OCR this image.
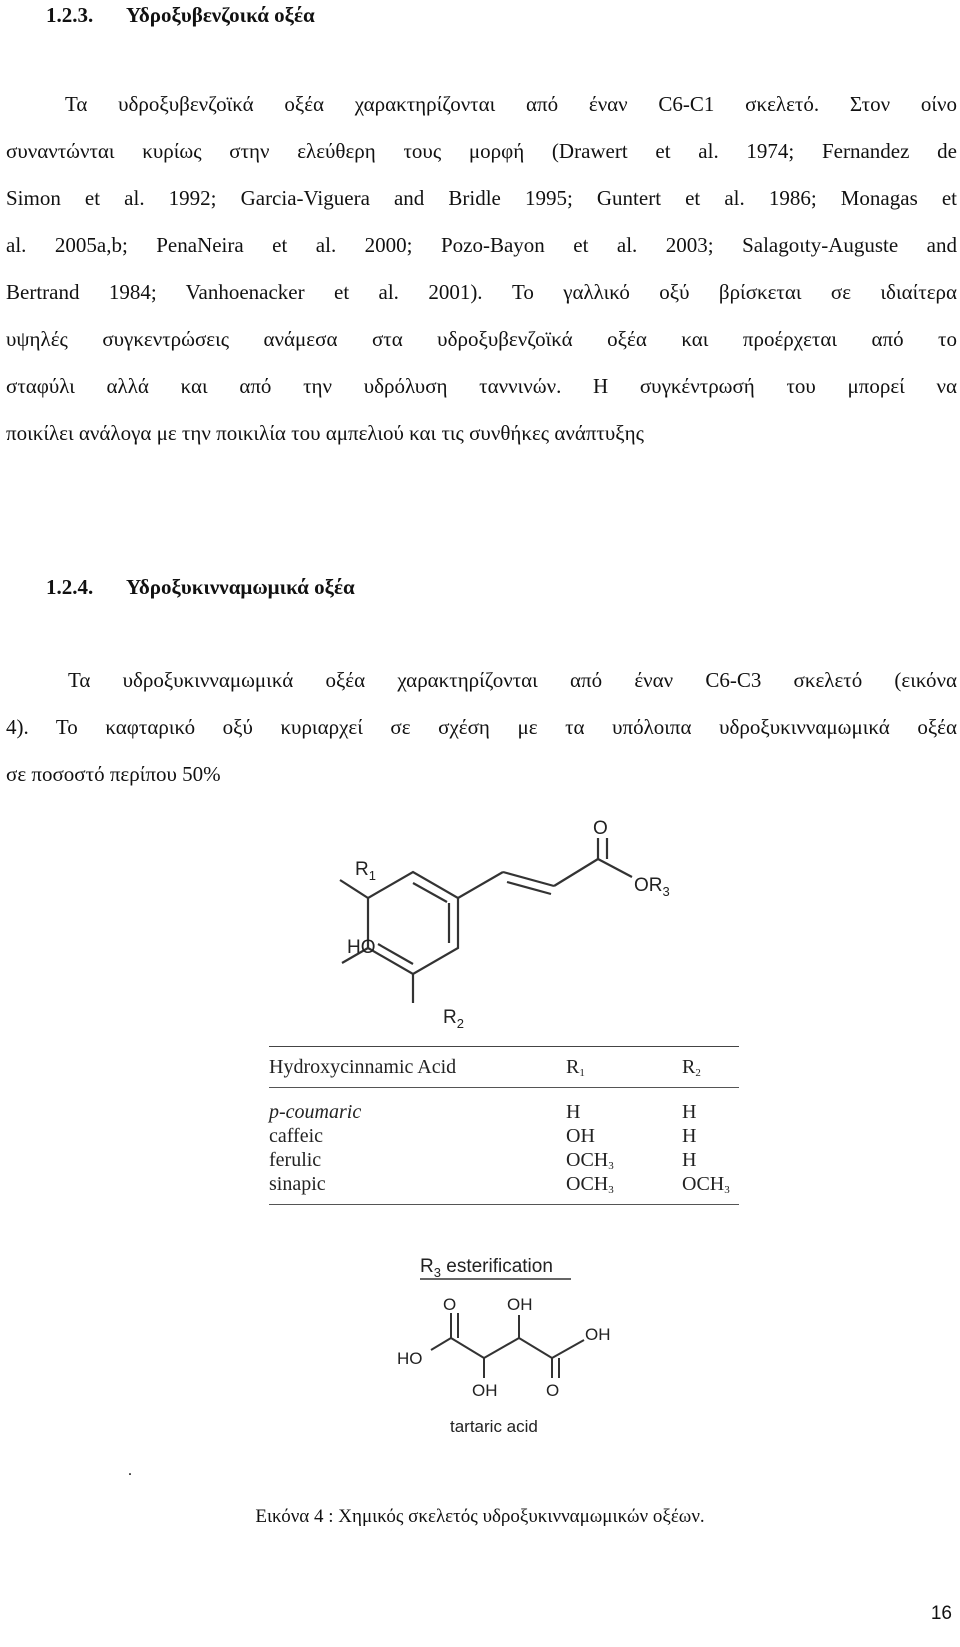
1.2.3. Υδροξυβενζοικά οξέα
Τα υδροξυβενζοϊκά οξέα χαρακτηρίζονται από έναν C6-C1 σκελετό. Στον οίνο
συναντώνται κυρίως στην ελεύθερη τους μορφή (Drawert et al. 1974; Fernandez de
Simon et al. 1992; Garcia-Viguera and Bridle 1995; Guntert et al. 1986; Monagas et
al. 2005a,b; PenaNeira et al. 2000; Pozo-Bayon et al. 2003; Salagoιty-Auguste and
Bertrand 1984; Vanhoenacker et al. 2001). Το γαλλικό οξύ βρίσκεται σε ιδιαίτερα
υψηλές συγκεντρώσεις ανάμεσα στα υδροξυβενζοϊκά οξέα και προέρχεται από το
σταφύλι αλλά και από την υδρόλυση ταννινών. Η συγκέντρωσή του μπορεί να
ποικίλει ανάλογα με την ποικιλία του αμπελιού και τις συνθήκες ανάπτυξης
1.2.4. Υδροξυκινναμωμικά οξέα
Τα υδροξυκινναμωμικά οξέα χαρακτηρίζονται από έναν C6-C3 σκελετό (εικόνα
4). Το καφταρικό οξύ κυριαρχεί σε σχέση με τα υπόλοιπα υδροξυκινναμωμικά οξέα
σε ποσοστό περίπου 50%
O
$OR_3$
$R_1$
HO
$R_2$
O	OH
OH
HO
OH	O
tartaric acid
$R_3$ esterification
Hydroxycinnamic Acid	$R_1$	$R_2$
p-coumaric	H	H
caffeic	OH	H
ferulic	$OCH_3$	H
sinapic	$OCH_3$	$OCH_3$
.
Εικόνα 4 : Χημικός σκελετός υδροξυκινναμωμικών οξέων.
16
